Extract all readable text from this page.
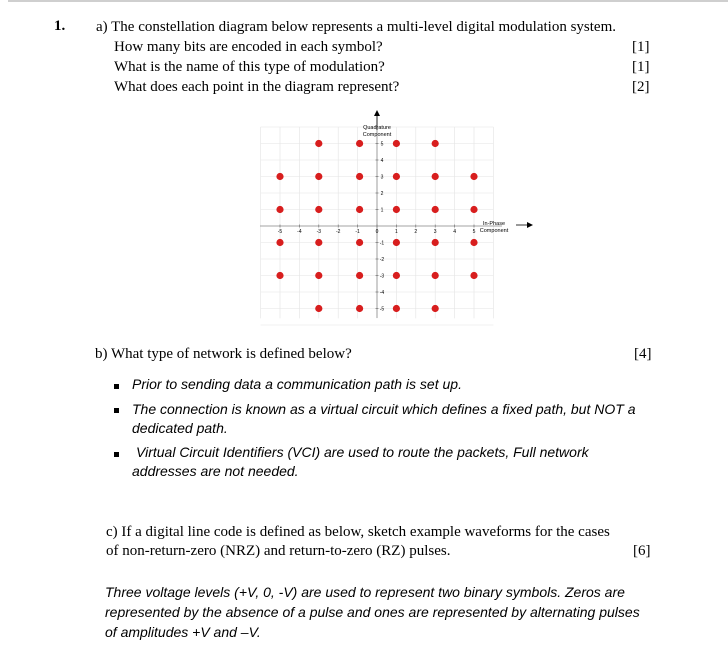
1. a) The constellation diagram below represents a multi-level digital modulation system.
How many bits are encoded in each symbol?	[1]
What is the name of this type of modulation?	[1]
What does each point in the diagram represent?	[2]
Quadrature
Component
In-Phase
Component
-5	-4	-3	-2	-1	0	1	2	3	4	5
5
4
3
2
1
-1
-2
-3
-4
-5
b) What type of network is defined below?	[4]
Prior to sending data a communication path is set up.
The connection is known as a virtual circuit which defines a fixed path, but NOT a
dedicated path.
Virtual Circuit Identifiers (VCI) are used to route the packets, Full network
addresses are not needed.
c) If a digital line code is defined as below, sketch example waveforms for the cases
of non-return-zero (NRZ) and return-to-zero (RZ) pulses.	[6]
Three voltage levels (+V, 0, -V) are used to represent two binary symbols. Zeros are
represented by the absence of a pulse and ones are represented by alternating pulses
of amplitudes +V and –V.
